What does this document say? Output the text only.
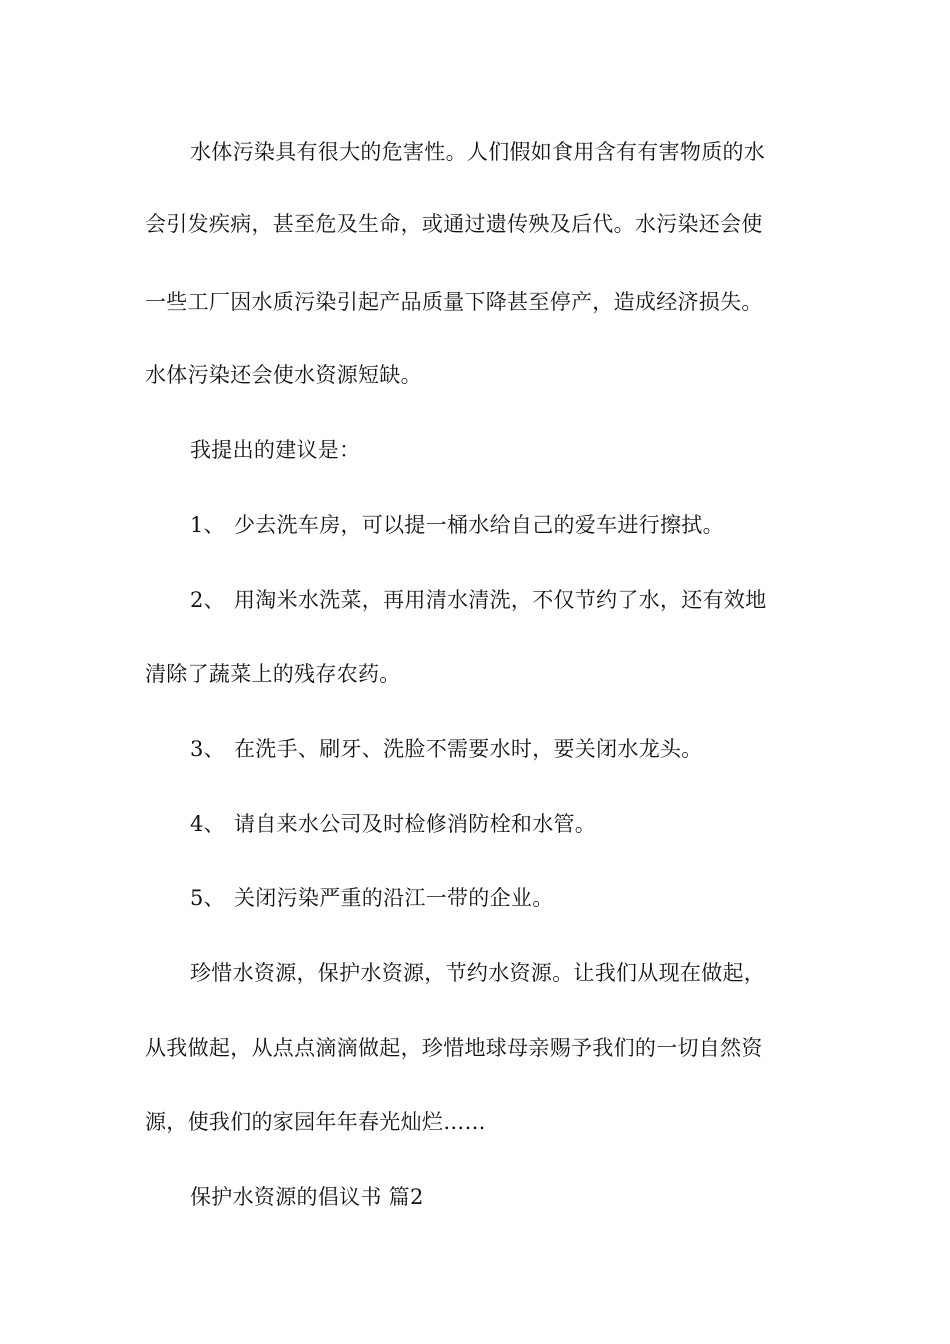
水体污染具有很大的危害性。人们假如食用含有有害物质的水
会引发疾病，甚至危及生命，或通过遗传殃及后代。水污染还会使
一些工厂因水质污染引起产品质量下降甚至停产，造成经济损失。
水体污染还会使水资源短缺。
我提出的建议是：
1、 少去洗车房，可以提一桶水给自己的爱车进行擦拭。
2、 用淘米水洗菜，再用清水清洗，不仅节约了水，还有效地
清除了蔬菜上的残存农药。
3、 在洗手、刷牙、洗脸不需要水时，要关闭水龙头。
4、 请自来水公司及时检修消防栓和水管。
5、 关闭污染严重的沿江一带的企业。
珍惜水资源，保护水资源，节约水资源。让我们从现在做起，
从我做起，从点点滴滴做起，珍惜地球母亲赐予我们的一切自然资
源，使我们的家园年年春光灿烂……
保护水资源的倡议书 篇2
